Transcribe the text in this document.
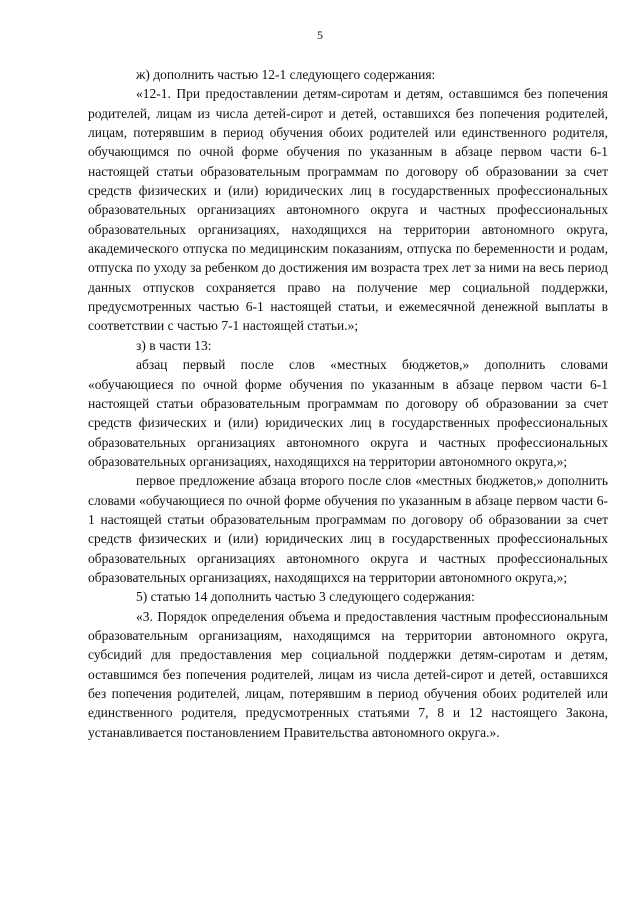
5

ж) дополнить частью 12-1 следующего содержания:

«12-1. При предоставлении детям-сиротам и детям, оставшимся без попечения родителей, лицам из числа детей-сирот и детей, оставшихся без попечения родителей, лицам, потерявшим в период обучения обоих родителей или единственного родителя, обучающимся по очной форме обучения по указанным в абзаце первом части 6-1 настоящей статьи образовательным программам по договору об образовании за счет средств физических и (или) юридических лиц в государственных профессиональных образовательных организациях автономного округа и частных профессиональных образовательных организациях, находящихся на территории автономного округа, академического отпуска по медицинским показаниям, отпуска по беременности и родам, отпуска по уходу за ребенком до достижения им возраста трех лет за ними на весь период данных отпусков сохраняется право на получение мер социальной поддержки, предусмотренных частью 6-1 настоящей статьи, и ежемесячной денежной выплаты в соответствии с частью 7-1 настоящей статьи.»;

з) в части 13:

абзац первый после слов «местных бюджетов,» дополнить словами «обучающиеся по очной форме обучения по указанным в абзаце первом части 6-1 настоящей статьи образовательным программам по договору об образовании за счет средств физических и (или) юридических лиц в государственных профессиональных образовательных организациях автономного округа и частных профессиональных образовательных организациях, находящихся на территории автономного округа,»;

первое предложение абзаца второго после слов «местных бюджетов,» дополнить словами «обучающиеся по очной форме обучения по указанным в абзаце первом части 6-1 настоящей статьи образовательным программам по договору об образовании за счет средств физических и (или) юридических лиц в государственных профессиональных образовательных организациях автономного округа и частных профессиональных образовательных организациях, находящихся на территории автономного округа,»;

5) статью 14 дополнить частью 3 следующего содержания:

«3. Порядок определения объема и предоставления частным профессиональным образовательным организациям, находящимся на территории автономного округа, субсидий для предоставления мер социальной поддержки детям-сиротам и детям, оставшимся без попечения родителей, лицам из числа детей-сирот и детей, оставшихся без попечения родителей, лицам, потерявшим в период обучения обоих родителей или единственного родителя, предусмотренных статьями 7, 8 и 12 настоящего Закона, устанавливается постановлением Правительства автономного округа.».
